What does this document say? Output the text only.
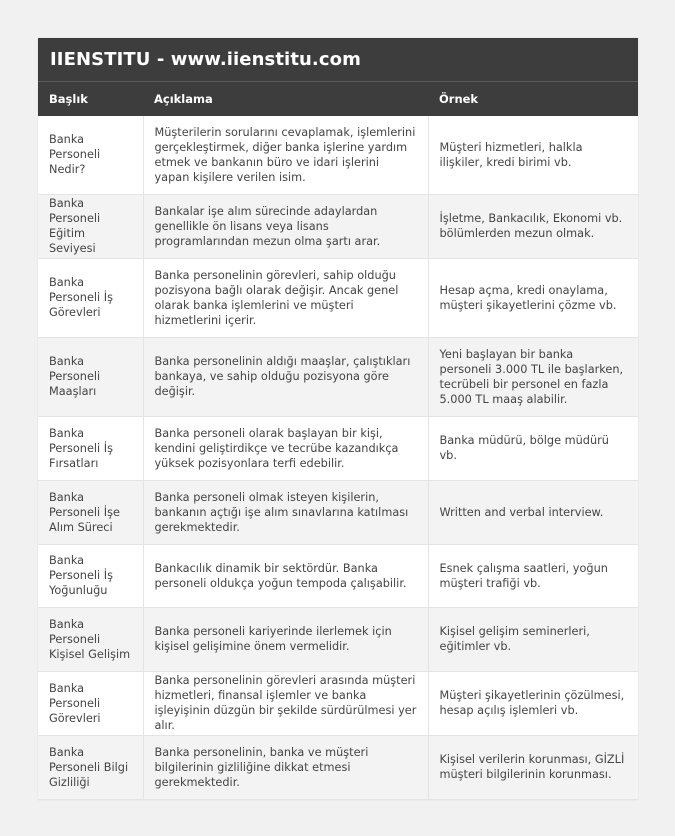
IIENSTITU - www.iienstitu.com
Başlık	Açıklama	Örnek
Banka Personeli Nedir?	Müşterilerin sorularını cevaplamak, işlemlerini gerçekleştirmek, diğer banka işlerine yardım etmek ve bankanın büro ve idari işlerini yapan kişilere verilen isim.	Müşteri hizmetleri, halkla ilişkiler, kredi birimi vb.
Banka Personeli Eğitim Seviyesi	Bankalar işe alım sürecinde adaylardan genellikle ön lisans veya lisans programlarından mezun olma şartı arar.	İşletme, Bankacılık, Ekonomi vb. bölümlerden mezun olmak.
Banka Personeli İş Görevleri	Banka personelinin görevleri, sahip olduğu pozisyona bağlı olarak değişir. Ancak genel olarak banka işlemlerini ve müşteri hizmetlerini içerir.	Hesap açma, kredi onaylama, müşteri şikayetlerini çözme vb.
Banka Personeli Maaşları	Banka personelinin aldığı maaşlar, çalıştıkları bankaya, ve sahip olduğu pozisyona göre değişir.	Yeni başlayan bir banka personeli 3.000 TL ile başlarken, tecrübeli bir personel en fazla 5.000 TL maaş alabilir.
Banka Personeli İş Fırsatları	Banka personeli olarak başlayan bir kişi, kendini geliştirdikçe ve tecrübe kazandıkça yüksek pozisyonlara terfi edebilir.	Banka müdürü, bölge müdürü vb.
Banka Personeli İşe Alım Süreci	Banka personeli olmak isteyen kişilerin, bankanın açtığı işe alım sınavlarına katılması gerekmektedir.	Written and verbal interview.
Banka Personeli İş Yoğunluğu	Bankacılık dinamik bir sektördür. Banka personeli oldukça yoğun tempoda çalışabilir.	Esnek çalışma saatleri, yoğun müşteri trafiği vb.
Banka Personeli Kişisel Gelişim	Banka personeli kariyerinde ilerlemek için kişisel gelişimine önem vermelidir.	Kişisel gelişim seminerleri, eğitimler vb.
Banka Personeli Görevleri	Banka personelinin görevleri arasında müşteri hizmetleri, finansal işlemler ve banka işleyişinin düzgün bir şekilde sürdürülmesi yer alır.	Müşteri şikayetlerinin çözülmesi, hesap açılış işlemleri vb.
Banka Personeli Bilgi Gizliliği	Banka personelinin, banka ve müşteri bilgilerinin gizliliğine dikkat etmesi gerekmektedir.	Kişisel verilerin korunması, GİZLİ müşteri bilgilerinin korunması.
